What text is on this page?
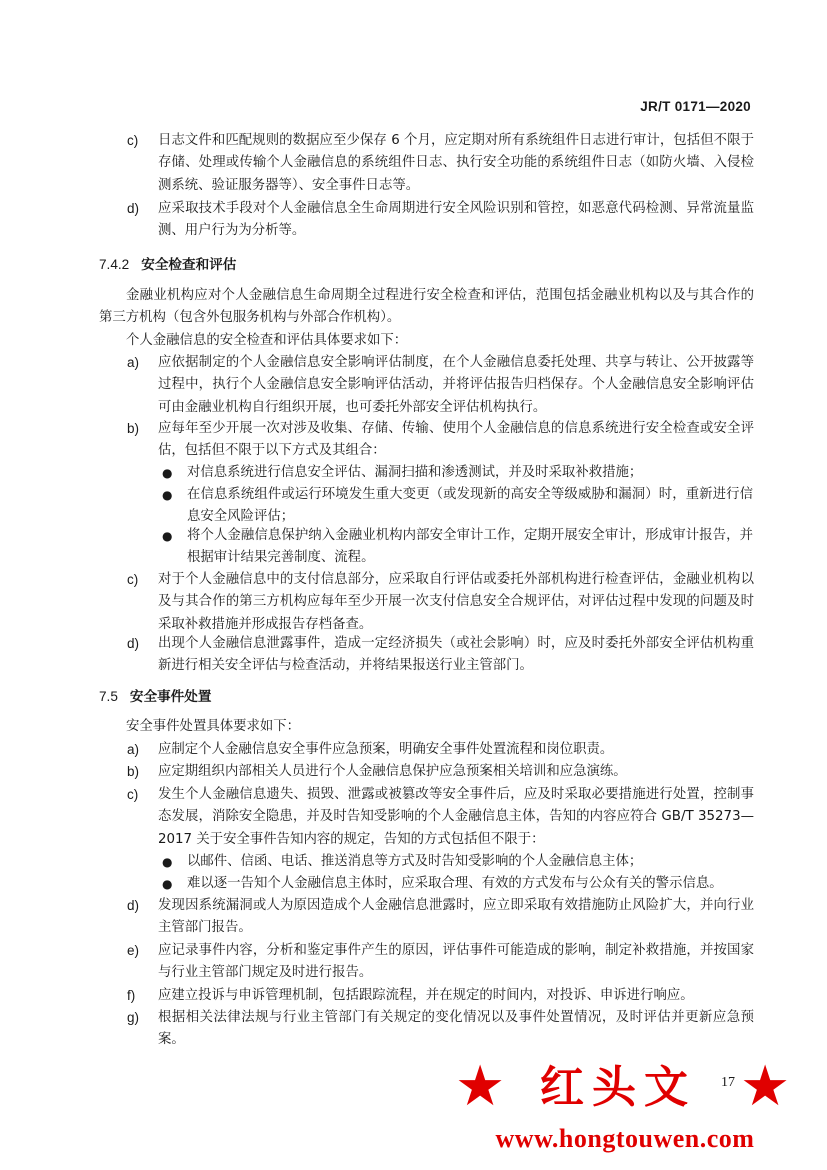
JR/T 0171—2020
c) 日志文件和匹配规则的数据应至少保存 6 个月，应定期对所有系统组件日志进行审计，包括但不限于存储、处理或传输个人金融信息的系统组件日志、执行安全功能的系统组件日志（如防火墙、入侵检测系统、验证服务器等）、安全事件日志等。
d) 应采取技术手段对个人金融信息全生命周期进行安全风险识别和管控，如恶意代码检测、异常流量监测、用户行为为分析等。
7.4.2 安全检查和评估
金融业机构应对个人金融信息生命周期全过程进行安全检查和评估，范围包括金融业机构以及与其合作的第三方机构（包含外包服务机构与外部合作机构）。
个人金融信息的安全检查和评估具体要求如下：
a) 应依据制定的个人金融信息安全影响评估制度，在个人金融信息委托处理、共享与转让、公开披露等过程中，执行个人金融信息安全影响评估活动，并将评估报告归档保存。个人金融信息安全影响评估可由金融业机构自行组织开展，也可委托外部安全评估机构执行。
b) 应每年至少开展一次对涉及收集、存储、传输、使用个人金融信息的信息系统进行安全检查或安全评估，包括但不限于以下方式及其组合：
● 对信息系统进行信息安全评估、漏洞扫描和渗透测试，并及时采取补救措施；
● 在信息系统组件或运行环境发生重大变更（或发现新的高安全等级威胁和漏洞）时，重新进行信息安全风险评估；
● 将个人金融信息保护纳入金融业机构内部安全审计工作，定期开展安全审计，形成审计报告，并根据审计结果完善制度、流程。
c) 对于个人金融信息中的支付信息部分，应采取自行评估或委托外部机构进行检查评估，金融业机构以及与其合作的第三方机构应每年至少开展一次支付信息安全合规评估，对评估过程中发现的问题及时采取补救措施并形成报告存档备查。
d) 出现个人金融信息泄露事件，造成一定经济损失（或社会影响）时，应及时委托外部安全评估机构重新进行相关安全评估与检查活动，并将结果报送行业主管部门。
7.5 安全事件处置
安全事件处置具体要求如下：
a) 应制定个人金融信息安全事件应急预案，明确安全事件处置流程和岗位职责。
b) 应定期组织内部相关人员进行个人金融信息保护应急预案相关培训和应急演练。
c) 发生个人金融信息遗失、损毁、泄露或被篡改等安全事件后，应及时采取必要措施进行处置，控制事态发展，消除安全隐患，并及时告知受影响的个人金融信息主体，告知的内容应符合 GB/T 35273—2017 关于安全事件告知内容的规定，告知的方式包括但不限于：
● 以邮件、信函、电话、推送消息等方式及时告知受影响的个人金融信息主体；
● 难以逐一告知个人金融信息主体时，应采取合理、有效的方式发布与公众有关的警示信息。
d) 发现因系统漏洞或人为原因造成个人金融信息泄露时，应立即采取有效措施防止风险扩大，并向行业主管部门报告。
e) 应记录事件内容，分析和鉴定事件产生的原因，评估事件可能造成的影响，制定补救措施，并按国家与行业主管部门规定及时进行报告。
f) 应建立投诉与申诉管理机制，包括跟踪流程，并在规定的时间内，对投诉、申诉进行响应。
g) 根据相关法律法规与行业主管部门有关规定的变化情况以及事件处置情况，及时评估并更新应急预案。
17
★ 红头文 ★
www.hongtouwen.com
